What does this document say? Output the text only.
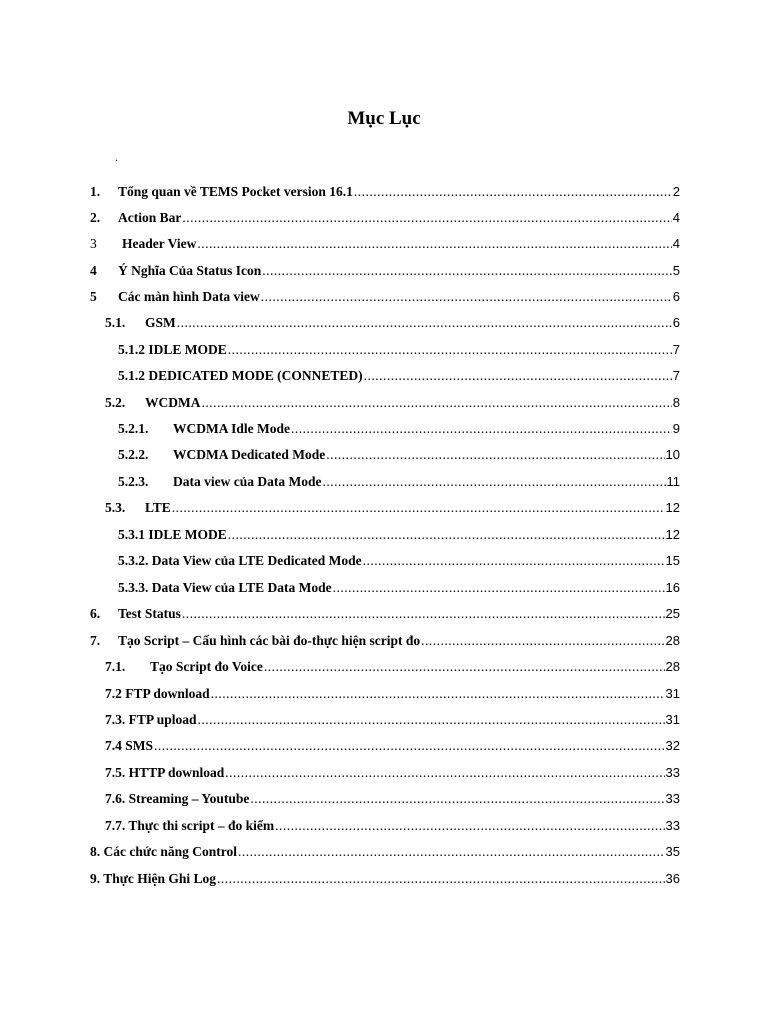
Mục Lục
.
1.	Tổng quan về TEMS Pocket version 16.1 .....	2
2.	Action Bar .....	4
3	Header View .....	4
4	Ý Nghĩa Của Status Icon .....	5
5	Các màn hình Data view .....	6
5.1.	GSM .....	6
5.1.2 IDLE MODE .....	7
5.1.2 DEDICATED MODE (CONNETED) .....	7
5.2.	WCDMA .....	8
5.2.1.	WCDMA Idle Mode .....	9
5.2.2.	WCDMA Dedicated Mode .....	10
5.2.3.	Data view của Data Mode .....	11
5.3.	LTE .....	12
5.3.1 IDLE MODE .....	12
5.3.2. Data View của LTE Dedicated Mode .....	15
5.3.3. Data View của LTE Data Mode .....	16
6.	Test Status .....	25
7.	Tạo Script – Cấu hình các bài đo-thực hiện script đo .....	28
7.1.	Tạo Script đo Voice .....	28
7.2 FTP download .....	31
7.3. FTP upload .....	31
7.4 SMS .....	32
7.5. HTTP download .....	33
7.6. Streaming – Youtube .....	33
7.7. Thực thi script – đo kiểm .....	33
8. Các chức năng Control .....	35
9. Thực Hiện Ghi Log .....	36
